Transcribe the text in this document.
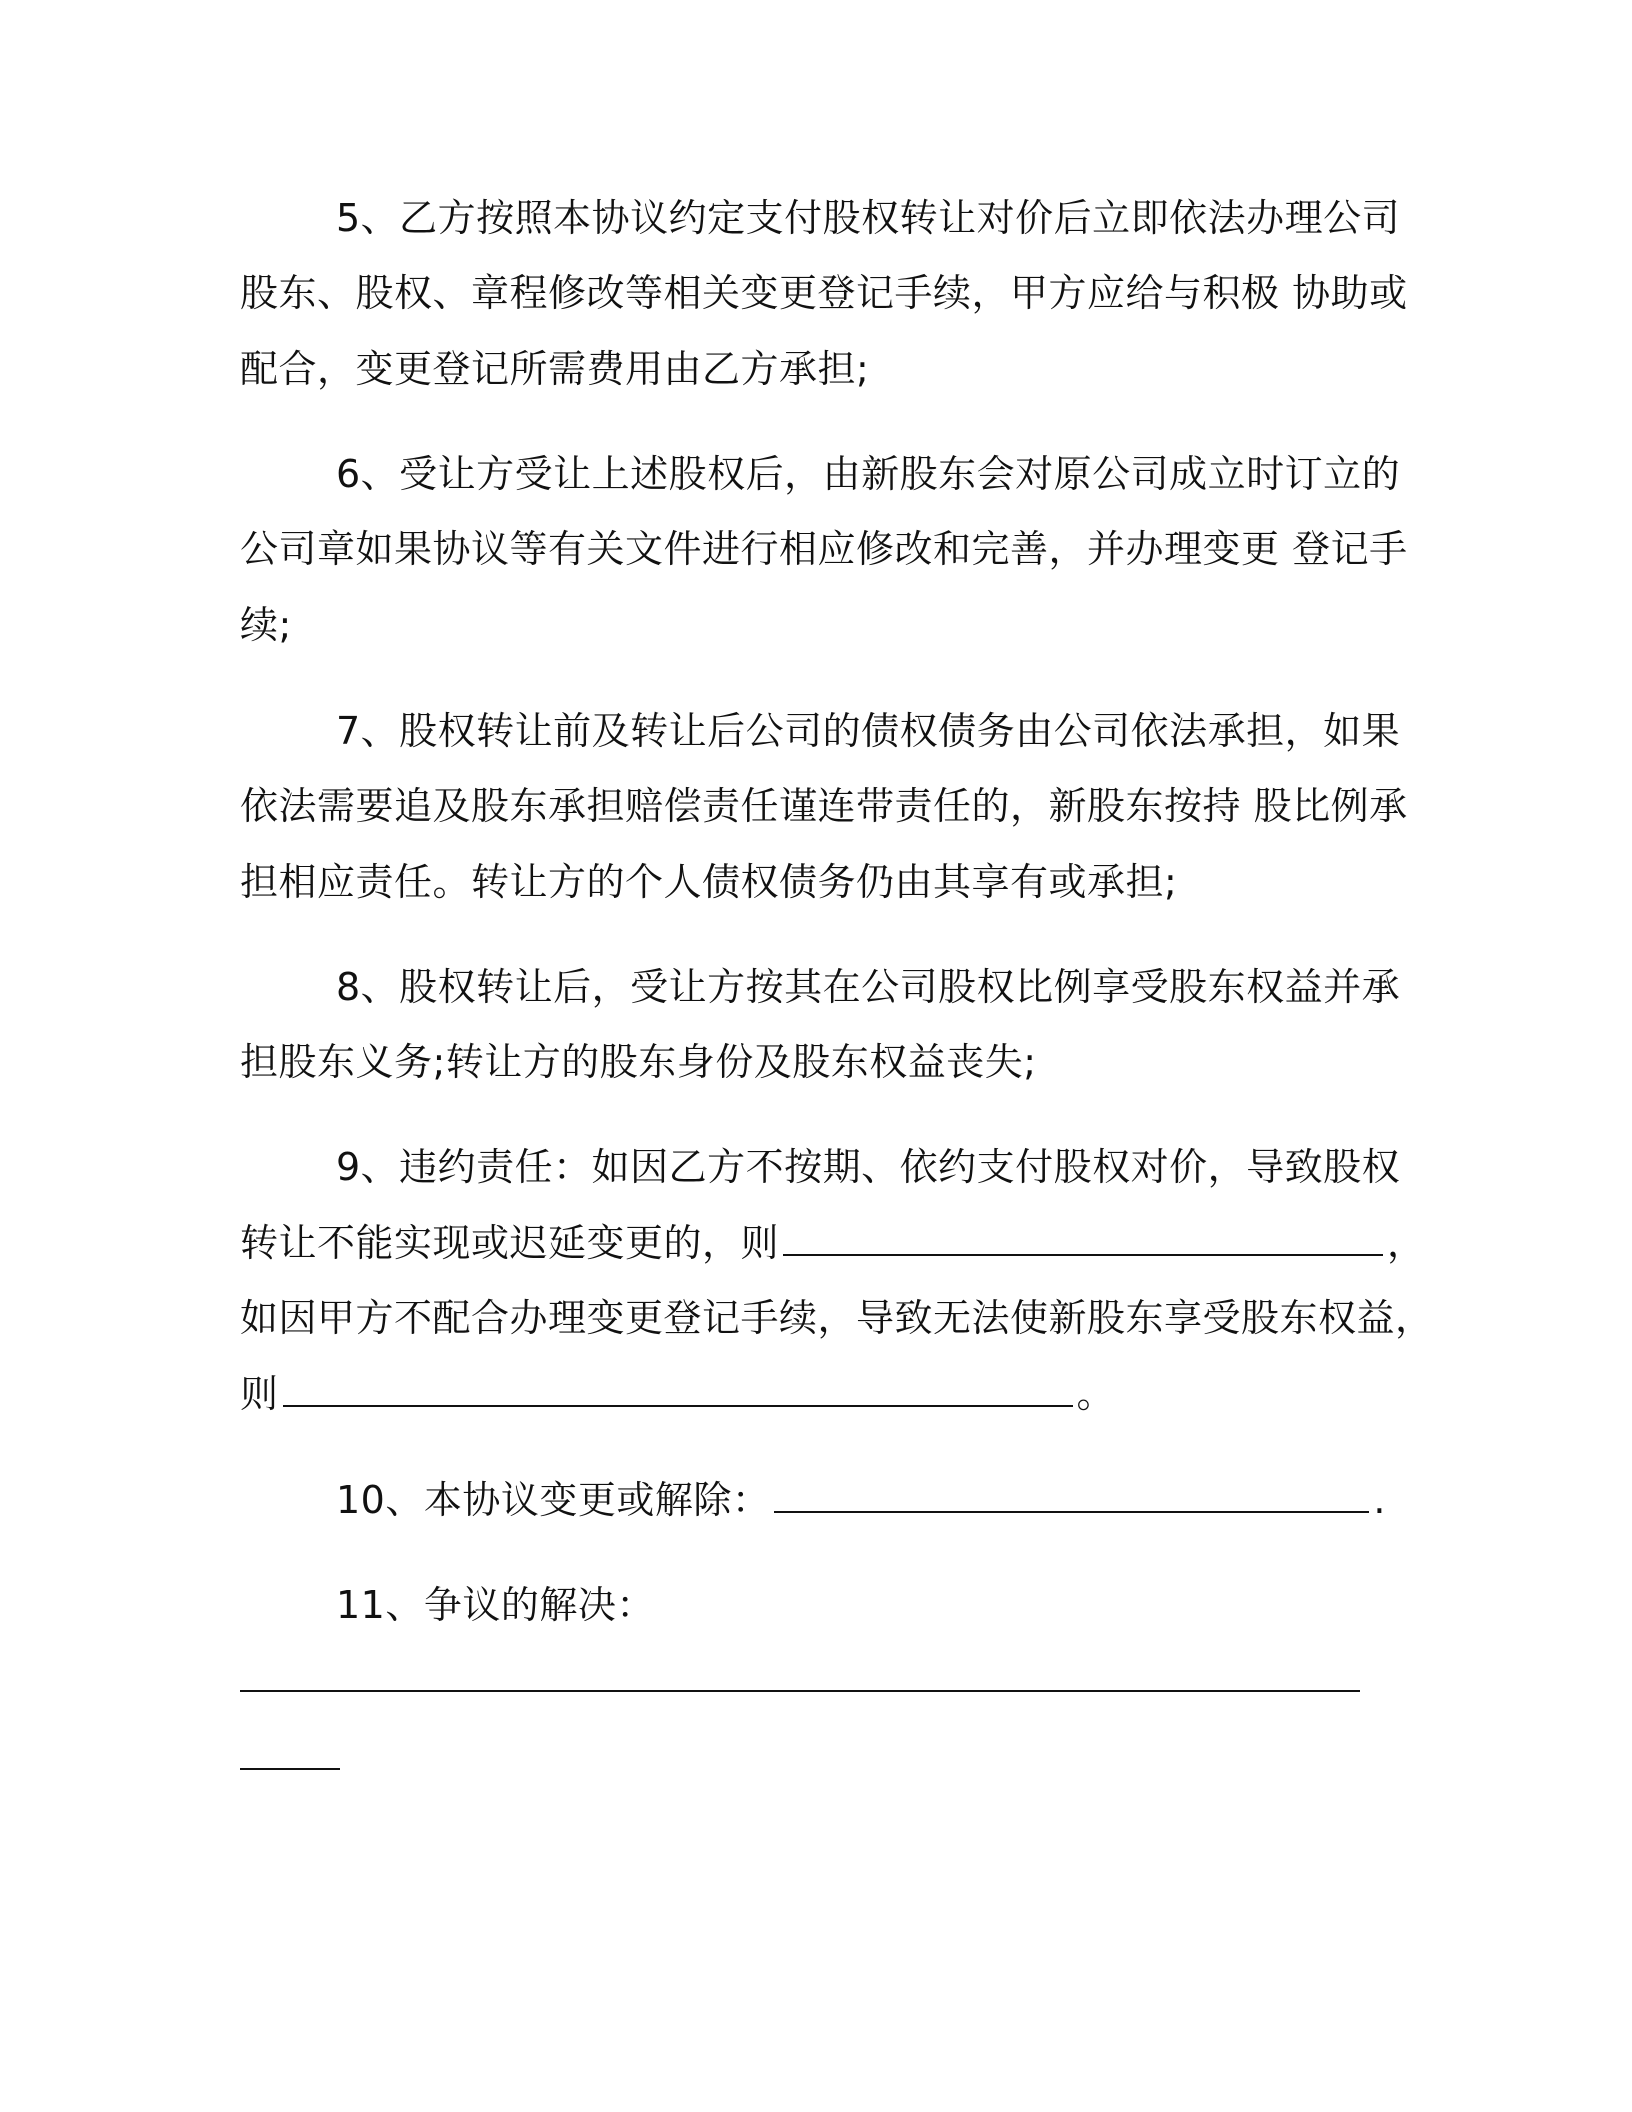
5、乙方按照本协议约定支付股权转让对价后立即依法办理公司
股东、股权、章程修改等相关变更登记手续，甲方应给与积极 协助或
配合，变更登记所需费用由乙方承担;
6、受让方受让上述股权后，由新股东会对原公司成立时订立的
公司章如果协议等有关文件进行相应修改和完善，并办理变更 登记手
续;
7、股权转让前及转让后公司的债权债务由公司依法承担，如果
依法需要追及股东承担赔偿责任谨连带责任的，新股东按持 股比例承
担相应责任。转让方的个人债权债务仍由其享有或承担;
8、股权转让后，受让方按其在公司股权比例享受股东权益并承
担股东义务;转让方的股东身份及股东权益丧失;
9、违约责任：如因乙方不按期、依约支付股权对价，导致股权
转让不能实现或迟延变更的，则	，
如因甲方不配合办理变更登记手续，导致无法使新股东享受股东权益，
则	。
10、本协议变更或解除：	.
11、争议的解决：
